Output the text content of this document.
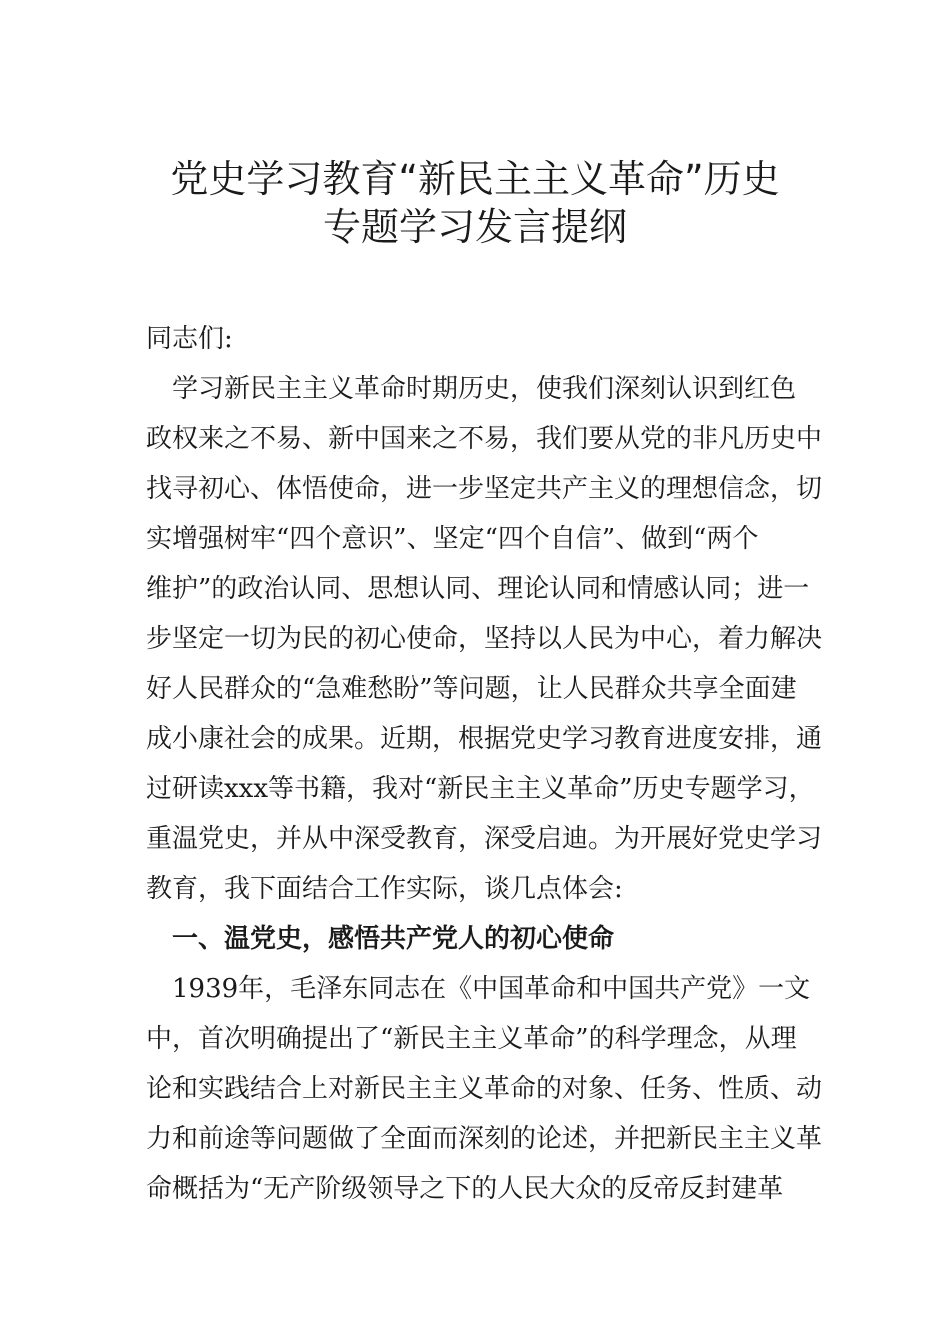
党史学习教育“新民主主义革命”历史
专题学习发言提纲

同志们:

　学习新民主主义革命时期历史，使我们深刻认识到红色

政权来之不易、新中国来之不易，我们要从党的非凡历史中

找寻初心、体悟使命，进一步坚定共产主义的理想信念，切

实增强树牢“四个意识”、坚定“四个自信”、做到“两个

维护”的政治认同、思想认同、理论认同和情感认同；进一

步坚定一切为民的初心使命，坚持以人民为中心，着力解决

好人民群众的“急难愁盼”等问题，让人民群众共享全面建

成小康社会的成果。近期，根据党史学习教育进度安排，通

过研读xxx等书籍，我对“新民主主义革命”历史专题学习，

重温党史，并从中深受教育，深受启迪。为开展好党史学习

教育，我下面结合工作实际，谈几点体会:

　一、温党史，感悟共产党人的初心使命

　1939年，毛泽东同志在《中国革命和中国共产党》一文

中，首次明确提出了“新民主主义革命”的科学理念，从理

论和实践结合上对新民主主义革命的对象、任务、性质、动

力和前途等问题做了全面而深刻的论述，并把新民主主义革

命概括为“无产阶级领导之下的人民大众的反帝反封建革
